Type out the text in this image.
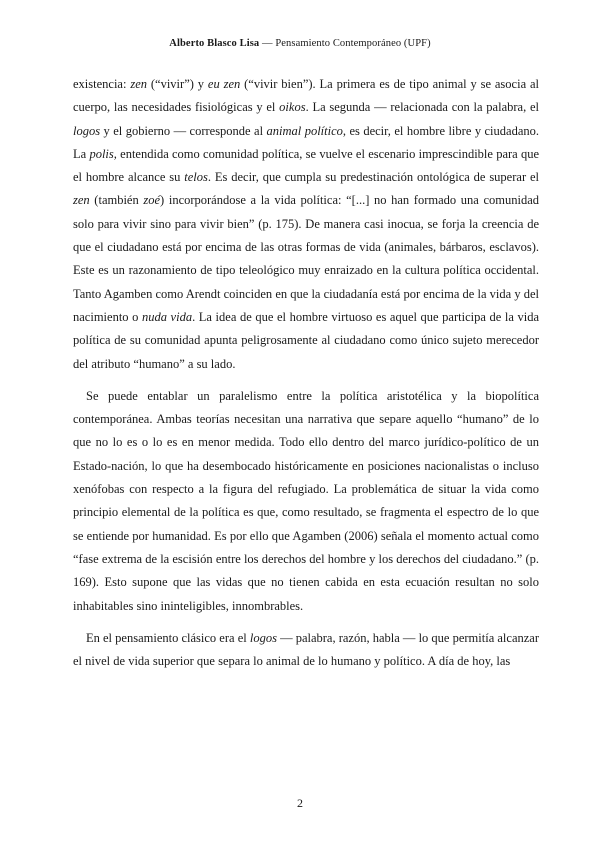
Alberto Blasco Lisa — Pensamiento Contemporáneo (UPF)

existencia: zen (“vivir”) y eu zen (“vivir bien”). La primera es de tipo animal y se asocia al cuerpo, las necesidades fisiológicas y el oikos. La segunda — relacionada con la palabra, el logos y el gobierno — corresponde al animal político, es decir, el hombre libre y ciudadano. La polis, entendida como comunidad política, se vuelve el escenario imprescindible para que el hombre alcance su telos. Es decir, que cumpla su predestinación ontológica de superar el zen (también zoé) incorporándose a la vida política: “[...] no han formado una comunidad solo para vivir sino para vivir bien” (p. 175). De manera casi inocua, se forja la creencia de que el ciudadano está por encima de las otras formas de vida (animales, bárbaros, esclavos). Este es un razonamiento de tipo teleológico muy enraizado en la cultura política occidental. Tanto Agamben como Arendt coinciden en que la ciudadanía está por encima de la vida y del nacimiento o nuda vida. La idea de que el hombre virtuoso es aquel que participa de la vida política de su comunidad apunta peligrosamente al ciudadano como único sujeto merecedor del atributo “humano” a su lado.

Se puede entablar un paralelismo entre la política aristotélica y la biopolítica contemporánea. Ambas teorías necesitan una narrativa que separe aquello “humano” de lo que no lo es o lo es en menor medida. Todo ello dentro del marco jurídico-político de un Estado-nación, lo que ha desembocado históricamente en posiciones nacionalistas o incluso xenófobas con respecto a la figura del refugiado. La problemática de situar la vida como principio elemental de la política es que, como resultado, se fragmenta el espectro de lo que se entiende por humanidad. Es por ello que Agamben (2006) señala el momento actual como “fase extrema de la escisión entre los derechos del hombre y los derechos del ciudadano.” (p. 169). Esto supone que las vidas que no tienen cabida en esta ecuación resultan no solo inhabitables sino ininteligibles, innombrables.

En el pensamiento clásico era el logos — palabra, razón, habla — lo que permitía alcanzar el nivel de vida superior que separa lo animal de lo humano y político. A día de hoy, las

2
